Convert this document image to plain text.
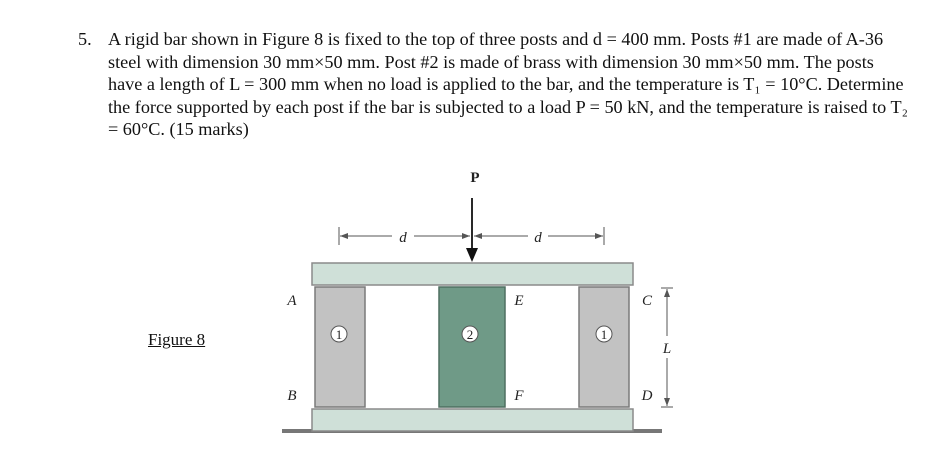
5. A rigid bar shown in Figure 8 is fixed to the top of three posts and d = 400 mm. Posts #1 are made of A-36 steel with dimension 30 mm×50 mm. Post #2 is made of brass with dimension 30 mm×50 mm. The posts have a length of L = 300 mm when no load is applied to the bar, and the temperature is T₁ = 10°C. Determine the force supported by each post if the bar is subjected to a load P = 50 kN, and the temperature is raised to T₂ = 60°C. (15 marks)
Figure 8	1	2	1
P
d	d
A
B
E
F
C
D
L
